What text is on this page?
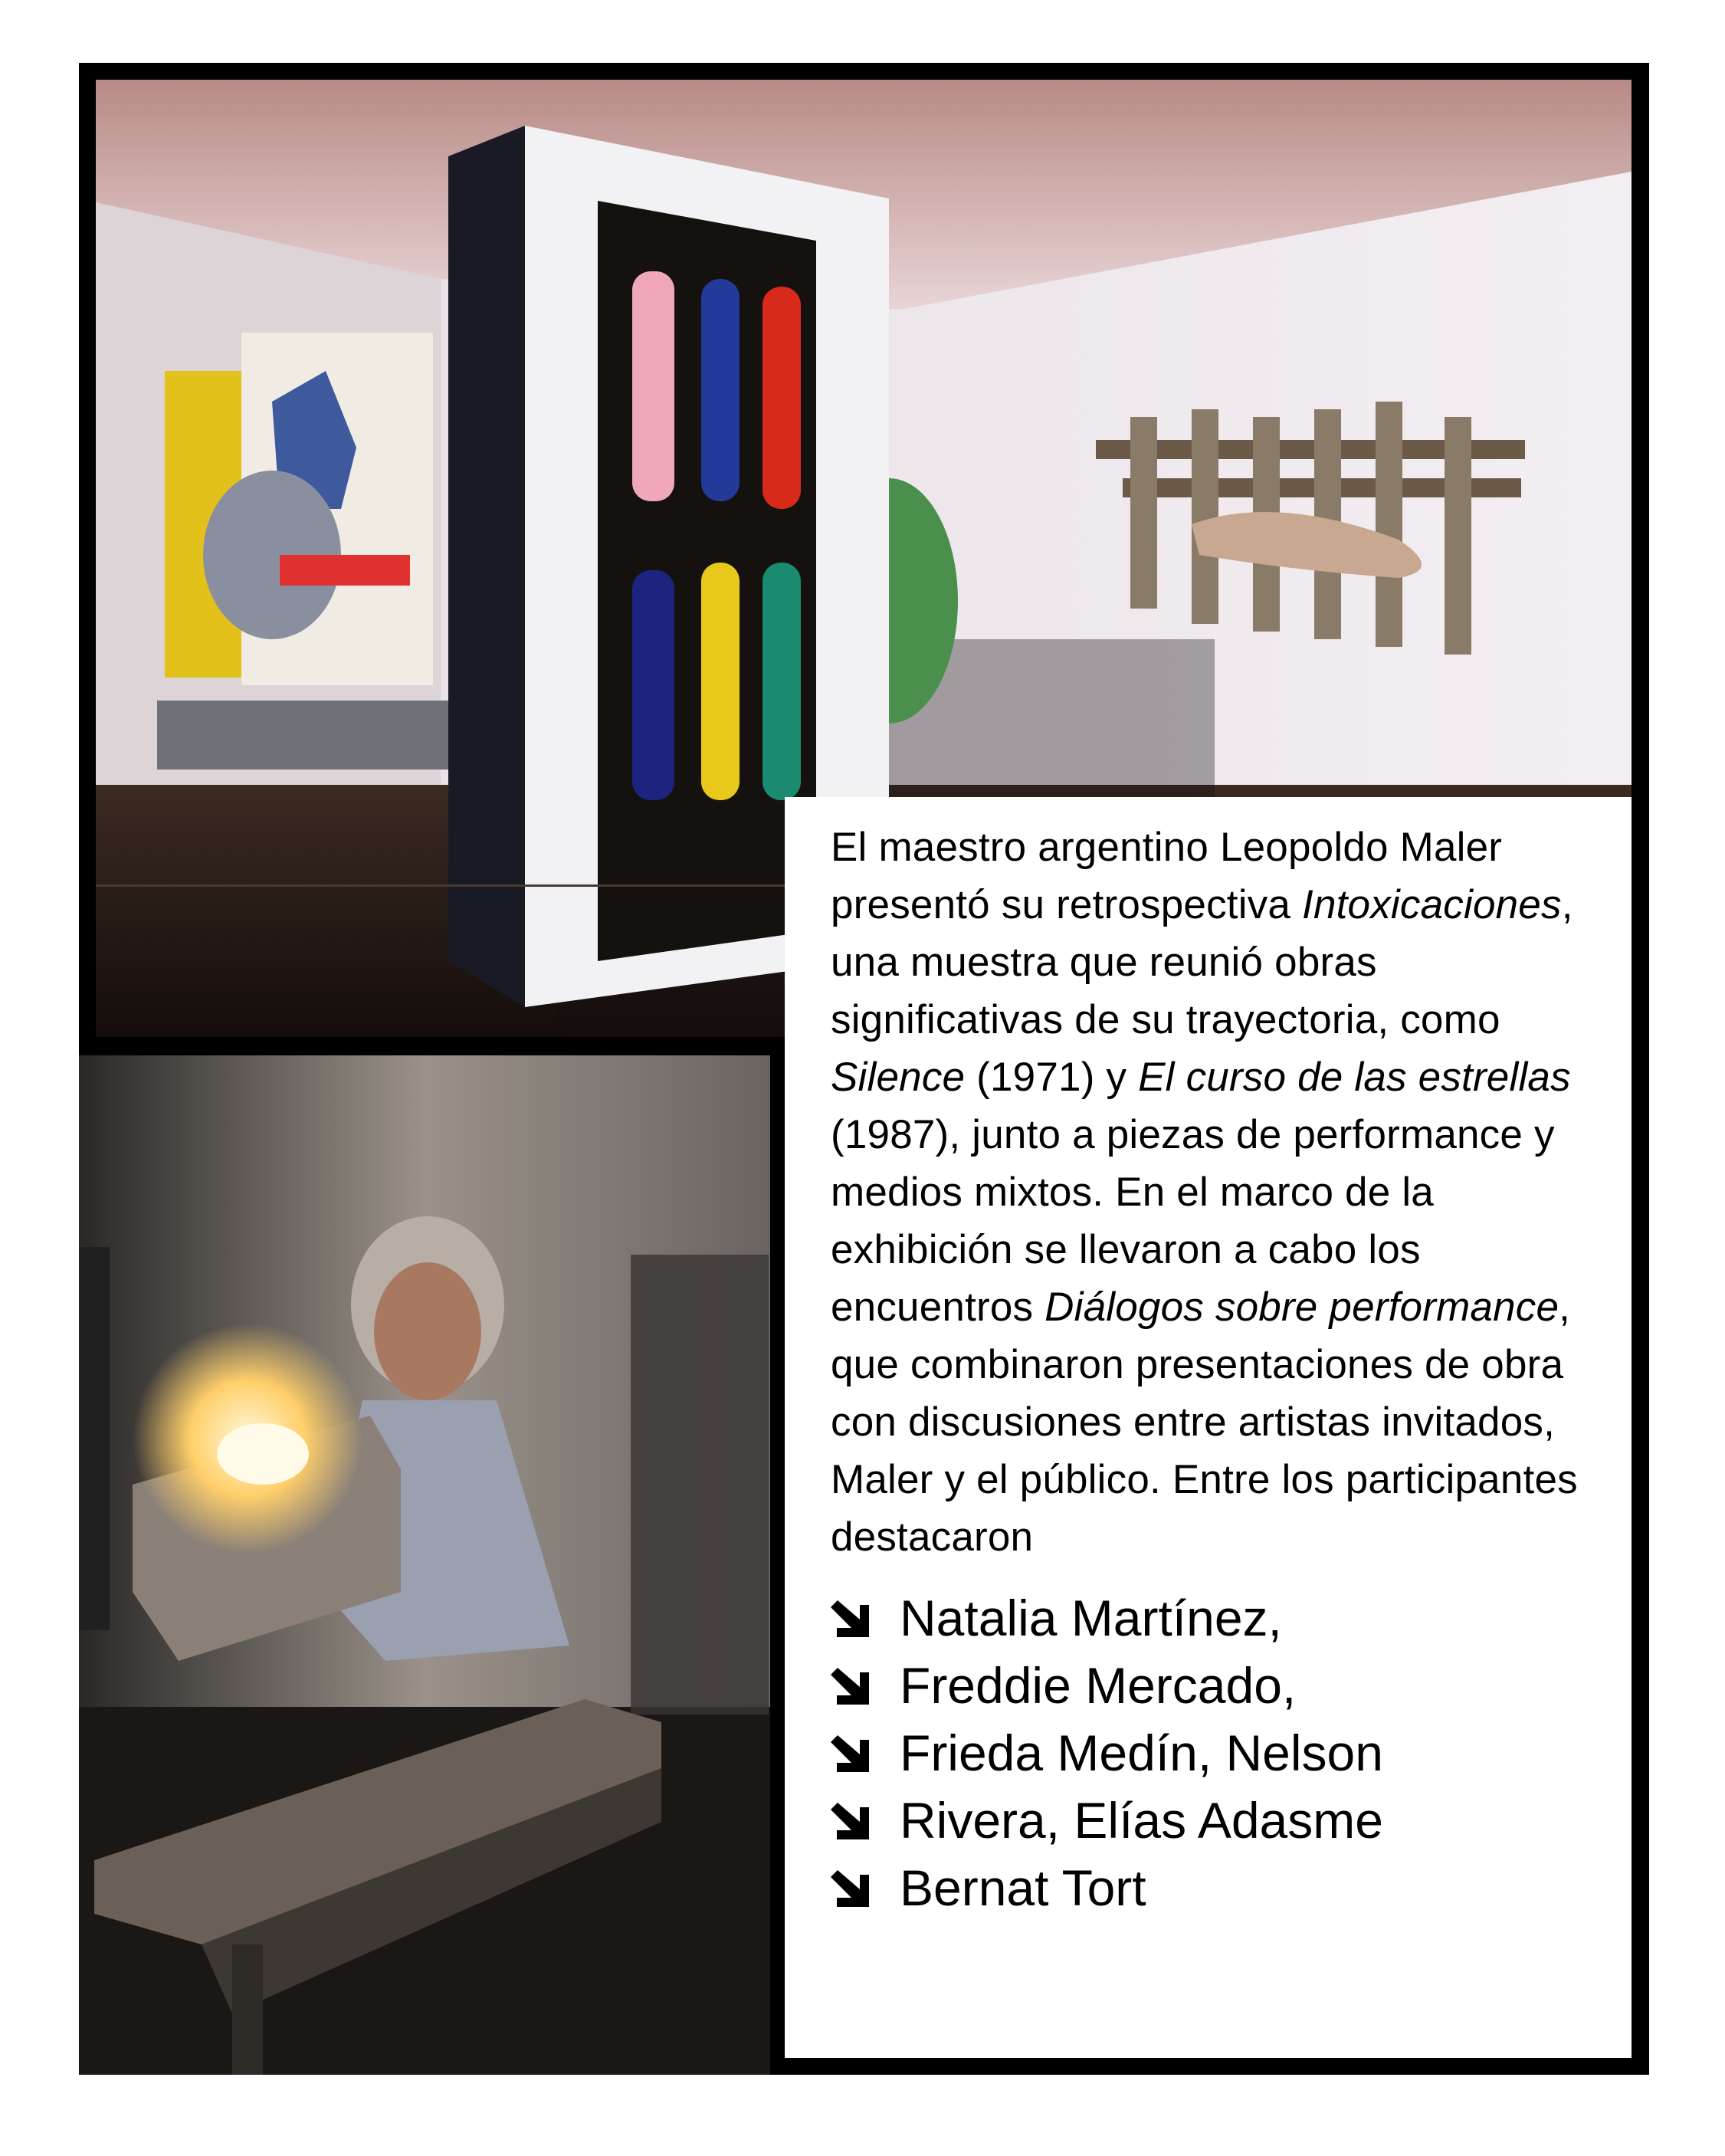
El maestro argentino Leopoldo Maler presentó su retrospectiva Intoxicaciones, una muestra que reunió obras significativas de su trayectoria, como Silence (1971) y El curso de las estrellas (1987), junto a piezas de performance y medios mixtos. En el marco de la exhibición se llevaron a cabo los encuentros Diálogos sobre performance, que combinaron presentaciones de obra con discusiones entre artistas invitados, Maler y el público. Entre los participantes destacaron

Natalia Martínez,
Freddie Mercado,
Frieda Medín, Nelson
Rivera, Elías Adasme
Bernat Tort
